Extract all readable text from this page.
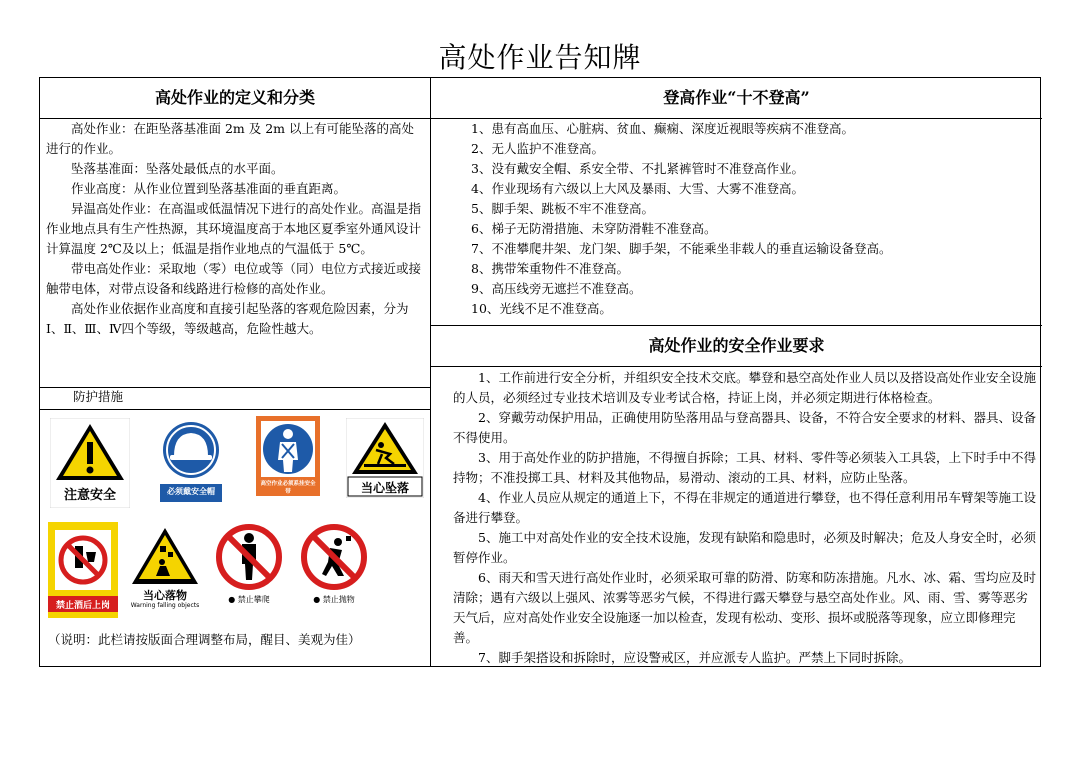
高处作业告知牌
高处作业的定义和分类

高处作业：在距坠落基准面 2m 及 2m 以上有可能坠落的高处进行的作业。

坠落基准面：坠落处最低点的水平面。

作业高度：从作业位置到坠落基准面的垂直距离。

异温高处作业：在高温或低温情况下进行的高处作业。高温是指作业地点具有生产性热源，其环境温度高于本地区夏季室外通风设计计算温度 2℃及以上；低温是指作业地点的气温低于 5℃。

带电高处作业：采取地（零）电位或等（同）电位方式接近或接触带电体，对带点设备和线路进行检修的高处作业。

高处作业依据作业高度和直接引起坠落的客观危险因素，分为Ⅰ、Ⅱ、Ⅲ、Ⅳ四个等级，等级越高，危险性越大。

防护措施
注意安全	必须戴安全帽
高空作业必须系挂安全带	当心坠落
禁止酒后上岗
当心落物
Warning falling objects
● 禁止攀爬	● 禁止抛物
（说明：此栏请按版面合理调整布局，醒目、美观为佳）
登高作业“十不登高”

1、患有高血压、心脏病、贫血、癫痫、深度近视眼等疾病不准登高。

2、无人监护不准登高。

3、没有戴安全帽、系安全带、不扎紧裤管时不准登高作业。

4、作业现场有六级以上大风及暴雨、大雪、大雾不准登高。

5、脚手架、跳板不牢不准登高。

6、梯子无防滑措施、未穿防滑鞋不准登高。

7、不准攀爬井架、龙门架、脚手架，不能乘坐非载人的垂直运输设备登高。

8、携带笨重物件不准登高。

9、高压线旁无遮拦不准登高。

10、光线不足不准登高。

高处作业的安全作业要求

1、工作前进行安全分析，并组织安全技术交底。攀登和悬空高处作业人员以及搭设高处作业安全设施的人员，必须经过专业技术培训及专业考试合格，持证上岗，并必须定期进行体格检查。

2、穿戴劳动保护用品，正确使用防坠落用品与登高器具、设备，不符合安全要求的材料、器具、设备不得使用。

3、用于高处作业的防护措施，不得擅自拆除；工具、材料、零件等必须装入工具袋，上下时手中不得持物；不准投掷工具、材料及其他物品，易滑动、滚动的工具、材料，应防止坠落。

4、作业人员应从规定的通道上下，不得在非规定的通道进行攀登，也不得任意利用吊车臂架等施工设备进行攀登。

5、施工中对高处作业的安全技术设施，发现有缺陷和隐患时，必须及时解决；危及人身安全时，必须暂停作业。

6、雨天和雪天进行高处作业时，必须采取可靠的防滑、防寒和防冻措施。凡水、冰、霜、雪均应及时清除；遇有六级以上强风、浓雾等恶劣气候，不得进行露天攀登与悬空高处作业。风、雨、雪、雾等恶劣天气后，应对高处作业安全设施逐一加以检查，发现有松动、变形、损坏或脱落等现象，应立即修理完善。

7、脚手架搭设和拆除时，应设警戒区，并应派专人监护。严禁上下同时拆除。
